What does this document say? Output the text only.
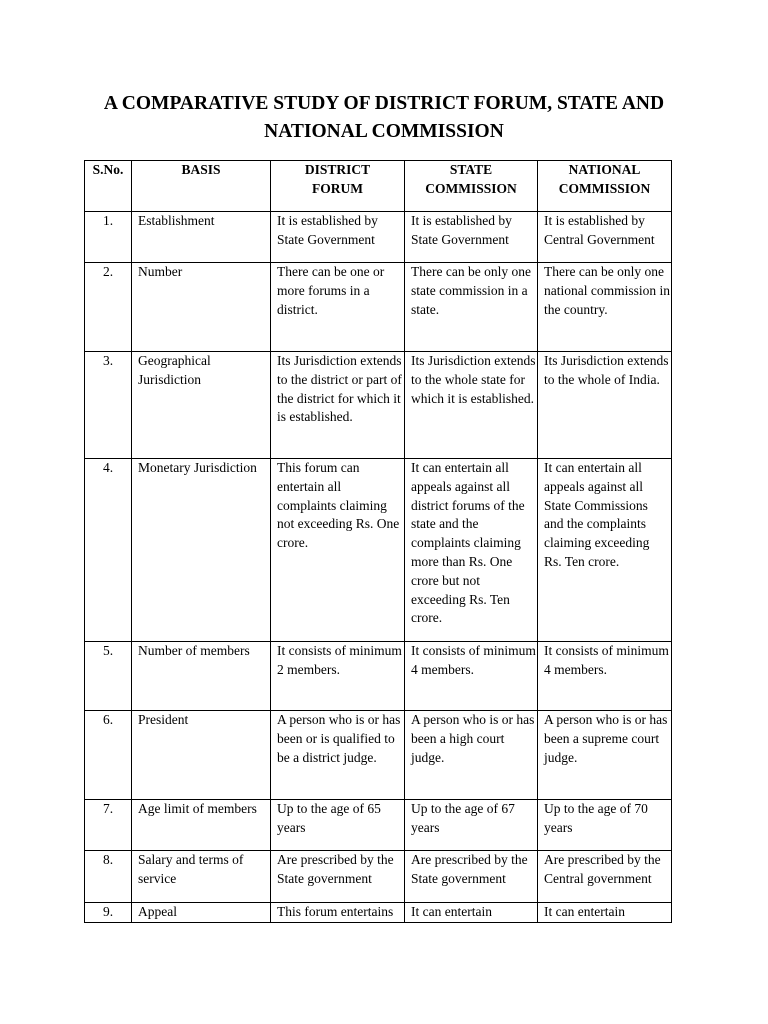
A COMPARATIVE STUDY OF DISTRICT FORUM, STATE AND
NATIONAL COMMISSION
S.No.	BASIS	DISTRICT FORUM	STATE COMMISSION	NATIONAL COMMISSION

1.	Establishment	It is established by State Government	It is established by State Government	It is established by Central Government
2.	Number	There can be one or more forums in a district.	There can be only one state commission in a state.	There can be only one national commission in the country.
3.	Geographical Jurisdiction	Its Jurisdiction extends to the district or part of the district for which it is established.	Its Jurisdiction extends to the whole state for which it is established.	Its Jurisdiction extends to the whole of India.
4.	Monetary Jurisdiction	This forum can entertain all complaints claiming not exceeding Rs. One crore.	It can entertain all appeals against all district forums of the state and the complaints claiming more than Rs. One crore but not exceeding Rs. Ten crore.	It can entertain all appeals against all State Commissions and the complaints claiming exceeding Rs. Ten crore.
5.	Number of members	It consists of minimum 2 members.	It consists of minimum 4 members.	It consists of minimum 4 members.
6.	President	A person who is or has been or is qualified to be a district judge.	A person who is or has been a high court judge.	A person who is or has been a supreme court judge.
7.	Age limit of members	Up to the age of 65 years	Up to the age of 67 years	Up to the age of 70 years
8.	Salary and terms of service	Are prescribed by the State government	Are prescribed by the State government	Are prescribed by the Central government
9.	Appeal	This forum entertains	It can entertain	It can entertain
